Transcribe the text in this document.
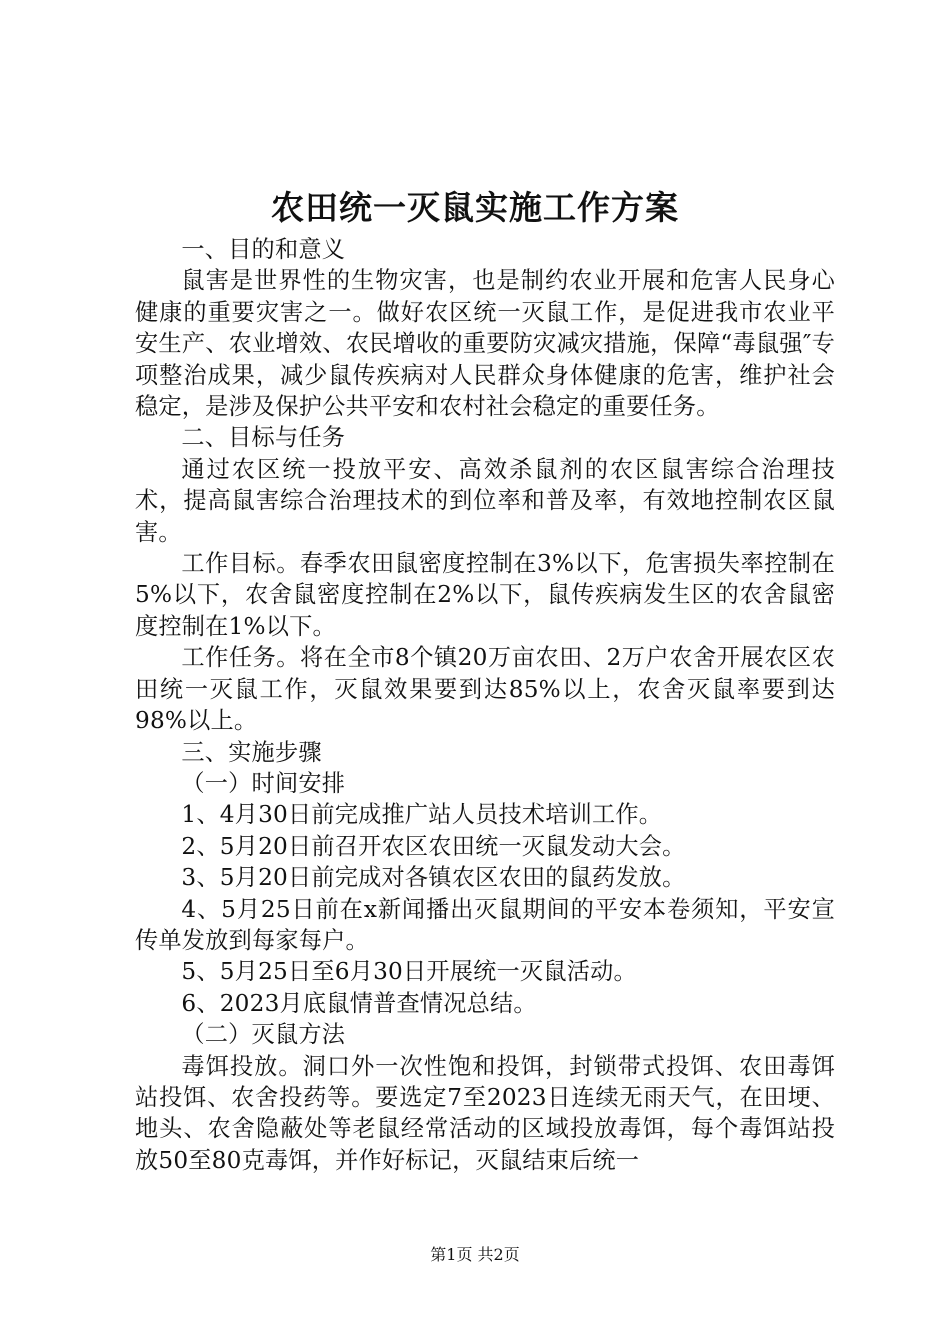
农田统一灭鼠实施工作方案

一、目的和意义

鼠害是世界性的生物灾害，也是制约农业开展和危害人民身心健康的重要灾害之一。做好农区统一灭鼠工作，是促进我市农业平安生产、农业增效、农民增收的重要防灾减灾措施，保障“毒鼠强″专项整治成果，减少鼠传疾病对人民群众身体健康的危害，维护社会稳定，是涉及保护公共平安和农村社会稳定的重要任务。

二、目标与任务

通过农区统一投放平安、高效杀鼠剂的农区鼠害综合治理技术，提高鼠害综合治理技术的到位率和普及率，有效地控制农区鼠害。

工作目标。春季农田鼠密度控制在3%以下，危害损失率控制在5%以下，农舍鼠密度控制在2%以下，鼠传疾病发生区的农舍鼠密度控制在1%以下。

工作任务。将在全市8个镇20万亩农田、2万户农舍开展农区农田统一灭鼠工作，灭鼠效果要到达85%以上，农舍灭鼠率要到达98%以上。

三、实施步骤

（一）时间安排

1、4月30日前完成推广站人员技术培训工作。

2、5月20日前召开农区农田统一灭鼠发动大会。

3、5月20日前完成对各镇农区农田的鼠药发放。

4、5月25日前在x新闻播出灭鼠期间的平安本卷须知，平安宣传单发放到每家每户。

5、5月25日至6月30日开展统一灭鼠活动。

6、2023月底鼠情普查情况总结。

（二）灭鼠方法

毒饵投放。洞口外一次性饱和投饵，封锁带式投饵、农田毒饵站投饵、农舍投药等。要选定7至2023日连续无雨天气，在田埂、地头、农舍隐蔽处等老鼠经常活动的区域投放毒饵，每个毒饵站投放50至80克毒饵，并作好标记，灭鼠结束后统一

第1页 共2页
